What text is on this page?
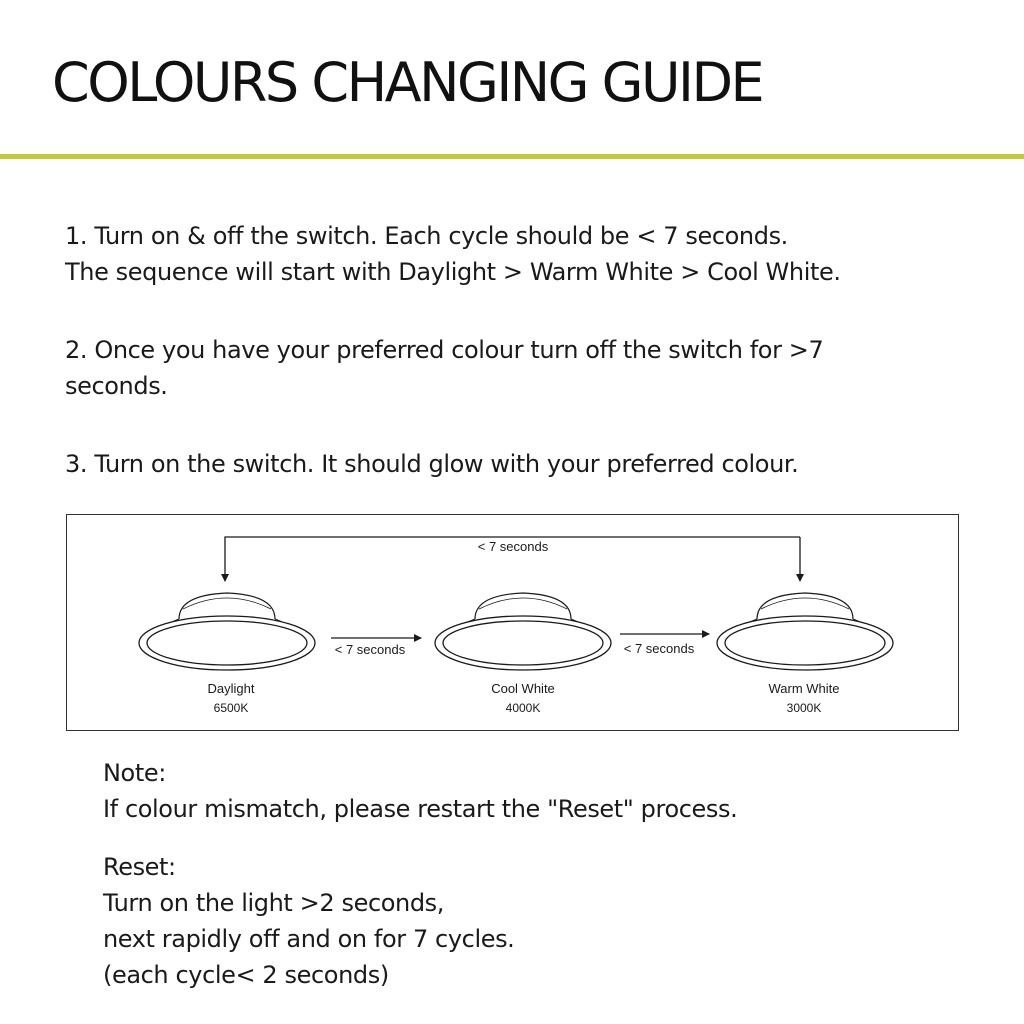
COLOURS CHANGING GUIDE
1. Turn on & off the switch. Each cycle should be < 7 seconds.
The sequence will start with Daylight > Warm White > Cool White.
2. Once you have your preferred colour turn off the switch for >7
seconds.
3. Turn on the switch. It should glow with your preferred colour.
< 7 seconds
< 7 seconds	< 7 seconds
Daylight
6500K
Cool White
4000K
Warm White
3000K
Note:
If colour mismatch, please restart the "Reset" process.
Reset:
Turn on the light >2 seconds,
next rapidly off and on for 7 cycles.
(each cycle< 2 seconds)
